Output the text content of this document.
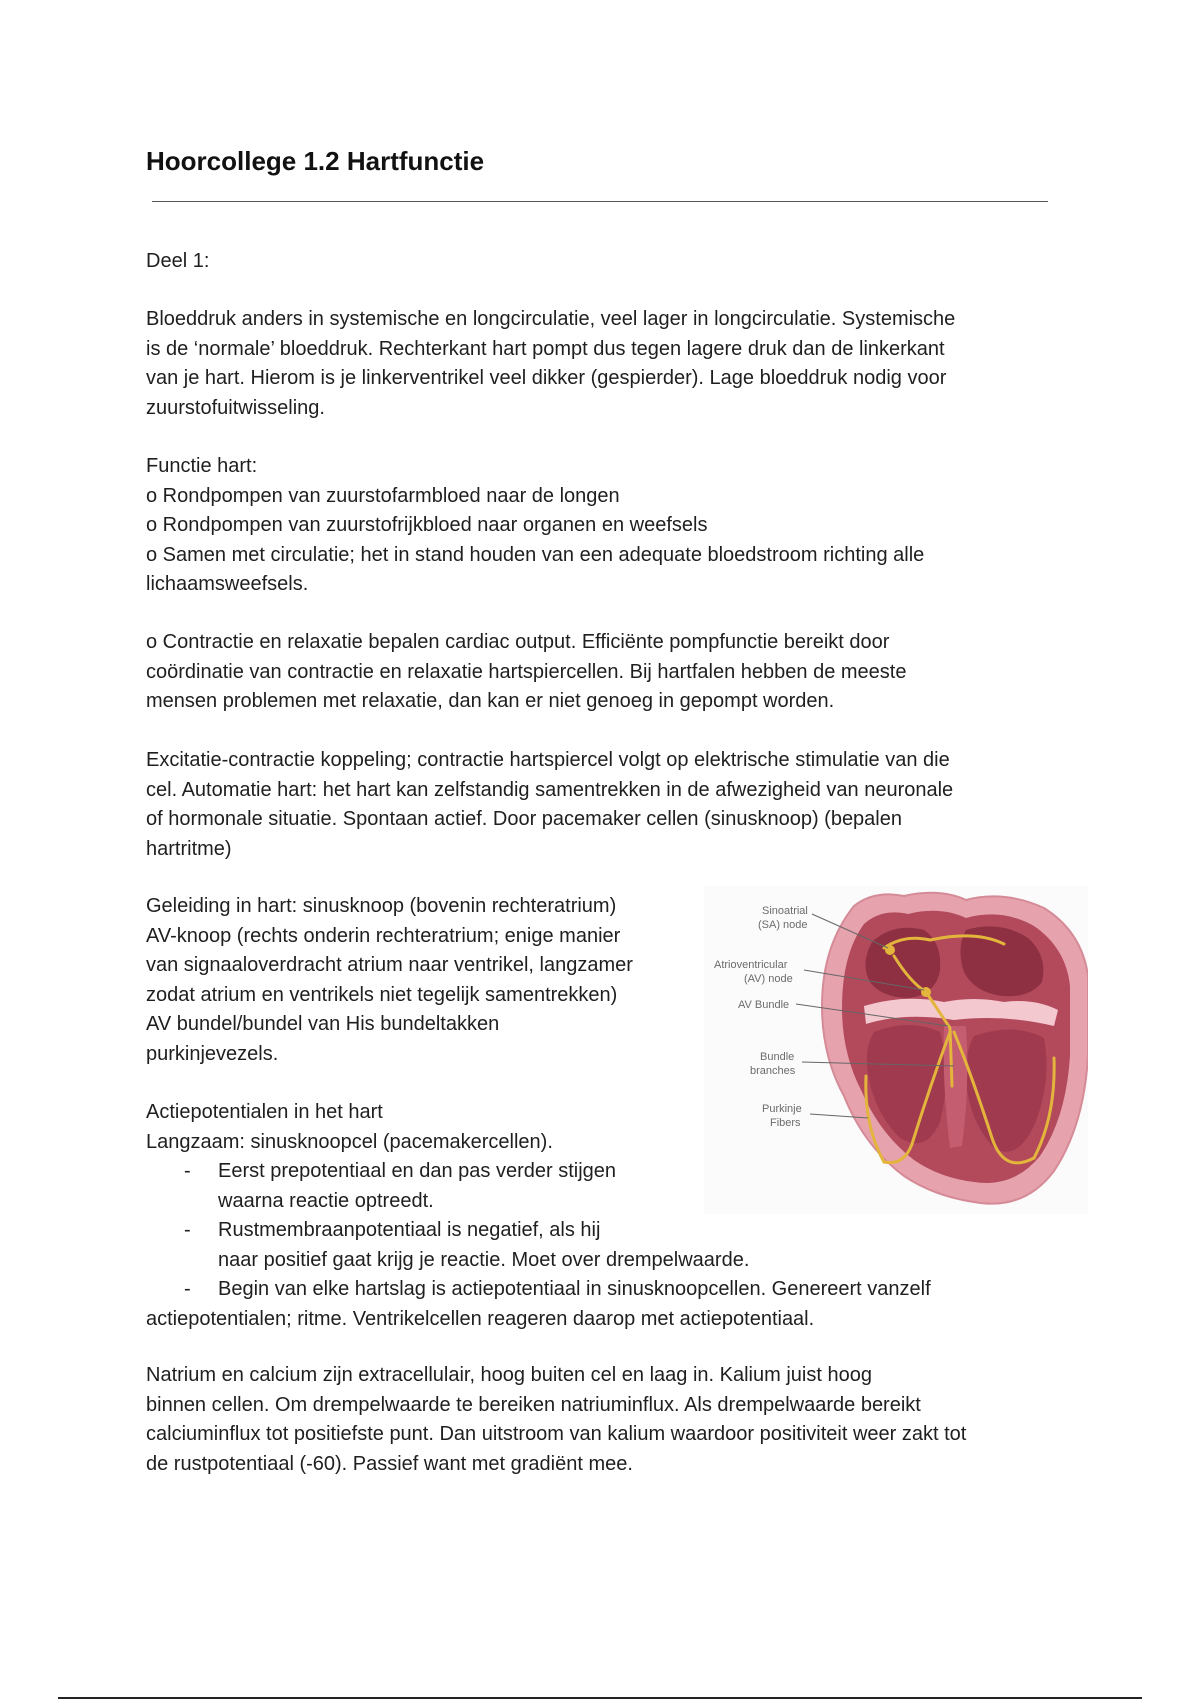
Hoorcollege 1.2 Hartfunctie

Deel 1:

Bloeddruk anders in systemische en longcirculatie, veel lager in longcirculatie. Systemische
is de ‘normale’ bloeddruk. Rechterkant hart pompt dus tegen lagere druk dan de linkerkant
van je hart. Hierom is je linkerventrikel veel dikker (gespierder). Lage bloeddruk nodig voor
zuurstofuitwisseling.

Functie hart:
o Rondpompen van zuurstofarmbloed naar de longen
o Rondpompen van zuurstofrijkbloed naar organen en weefsels
o Samen met circulatie; het in stand houden van een adequate bloedstroom richting alle
lichaamsweefsels.

o Contractie en relaxatie bepalen cardiac output. Efficiënte pompfunctie bereikt door
coördinatie van contractie en relaxatie hartspiercellen. Bij hartfalen hebben de meeste
mensen problemen met relaxatie, dan kan er niet genoeg in gepompt worden.

Excitatie-contractie koppeling; contractie hartspiercel volgt op elektrische stimulatie van die
cel. Automatie hart: het hart kan zelfstandig samentrekken in de afwezigheid van neuronale
of hormonale situatie. Spontaan actief. Door pacemaker cellen (sinusknoop) (bepalen
hartritme)

Geleiding in hart: sinusknoop (bovenin rechteratrium)
AV-knoop (rechts onderin rechteratrium; enige manier
van signaaloverdracht atrium naar ventrikel, langzamer
zodat atrium en ventrikels niet tegelijk samentrekken)
AV bundel/bundel van His bundeltakken
purkinjevezels.

Actiepotentialen in het hart
Langzaam: sinusknoopcel (pacemakercellen).
- Eerst prepotentiaal en dan pas verder stijgen
waarna reactie optreedt.
- Rustmembraanpotentiaal is negatief, als hij
naar positief gaat krijg je reactie. Moet over drempelwaarde.
- Begin van elke hartslag is actiepotentiaal in sinusknoopcellen. Genereert vanzelf
actiepotentialen; ritme. Ventrikelcellen reageren daarop met actiepotentiaal.

Natrium en calcium zijn extracellulair, hoog buiten cel en laag in. Kalium juist hoog
binnen cellen. Om drempelwaarde te bereiken natriuminflux. Als drempelwaarde bereikt
calciuminflux tot positiefste punt. Dan uitstroom van kalium waardoor positiviteit weer zakt tot
de rustpotentiaal (-60). Passief want met gradiënt mee.

Sinoatrial
(SA) node
Atrioventricular
(AV) node
AV Bundle
Bundle
branches
Purkinje
Fibers
